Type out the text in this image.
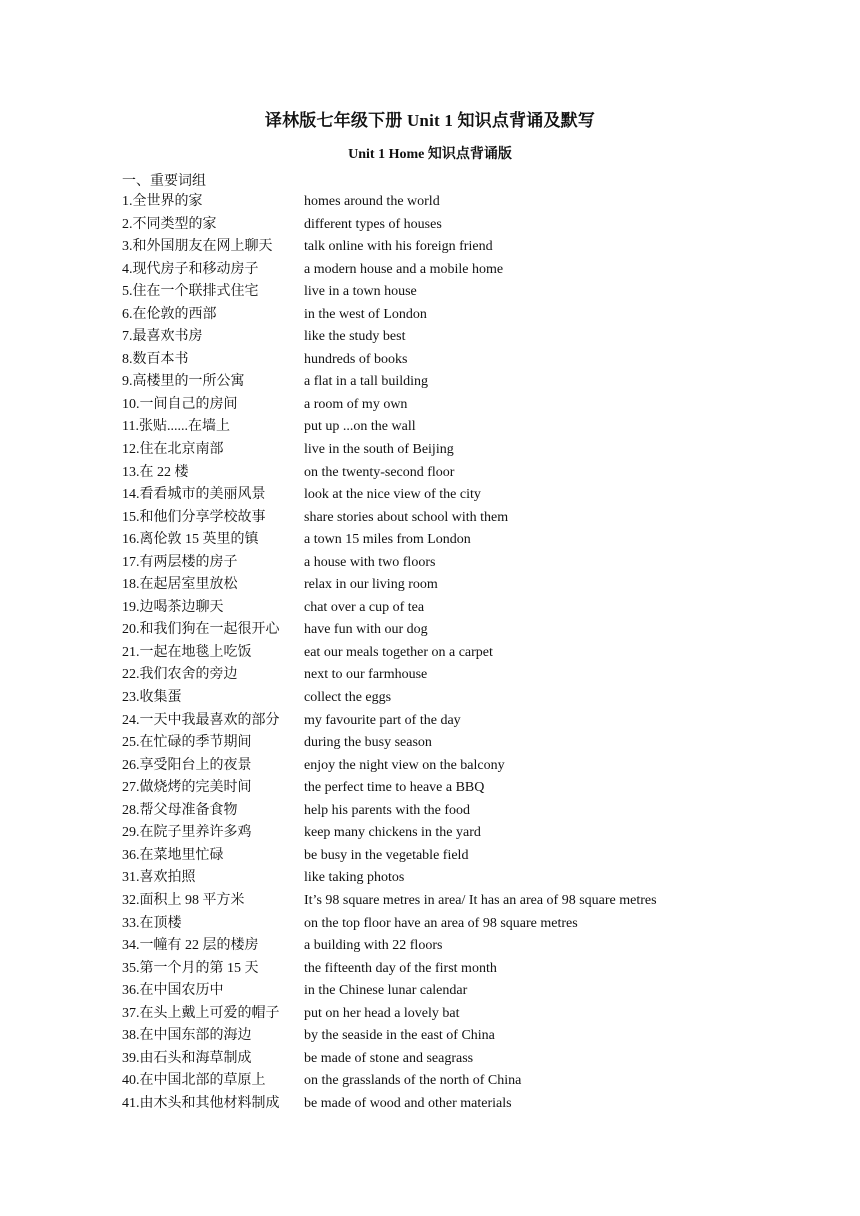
译林版七年级下册 Unit 1 知识点背诵及默写
Unit 1 Home 知识点背诵版
一、重要词组
1.全世界的家	homes around the world
2.不同类型的家	different types of houses
3.和外国朋友在网上聊天	talk online with his foreign friend
4.现代房子和移动房子	a modern house and a mobile home
5.住在一个联排式住宅	live in a town house
6.在伦敦的西部	in the west of London
7.最喜欢书房	like the study best
8.数百本书	hundreds of books
9.高楼里的一所公寓	a flat in a tall building
10.一间自己的房间	a room of my own
11.张贴......在墙上	put up ...on the wall
12.住在北京南部	live in the south of Beijing
13.在 22 楼	on the twenty-second floor
14.看看城市的美丽风景	look at the nice view of the city
15.和他们分享学校故事	share stories about school with them
16.离伦敦 15 英里的镇	a town 15 miles from London
17.有两层楼的房子	a house with two floors
18.在起居室里放松	relax in our living room
19.边喝茶边聊天	chat over a cup of tea
20.和我们狗在一起很开心	have fun with our dog
21.一起在地毯上吃饭	eat our meals together on a carpet
22.我们农舍的旁边	next to our farmhouse
23.收集蛋	collect the eggs
24.一天中我最喜欢的部分	my favourite part of the day
25.在忙碌的季节期间	during the busy season
26.享受阳台上的夜景	enjoy the night view on the balcony
27.做烧烤的完美时间	the perfect time to heave a BBQ
28.帮父母准备食物	help his parents with the food
29.在院子里养许多鸡	keep many chickens in the yard
36.在菜地里忙碌	be busy in the vegetable field
31.喜欢拍照	like taking photos
32.面积上 98 平方米	It’s 98 square metres in area/ It has an area of 98 square metres
33.在顶楼	on the top floor have an area of 98 square metres
34.一幢有 22 层的楼房	a building with 22 floors
35.第一个月的第 15 天	the fifteenth day of the first month
36.在中国农历中	in the Chinese lunar calendar
37.在头上戴上可爱的帽子	put on her head a lovely bat
38.在中国东部的海边	by the seaside in the east of China
39.由石头和海草制成	be made of stone and seagrass
40.在中国北部的草原上	on the grasslands of the north of China
41.由木头和其他材料制成	be made of wood and other materials
